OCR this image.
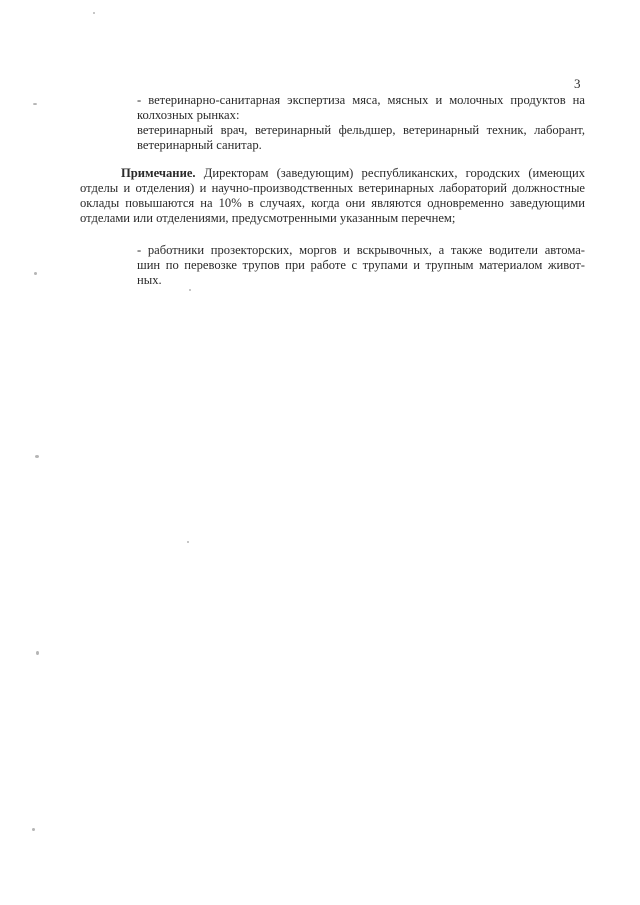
3
- ветеринарно-санитарная экспертиза мяса, мясных и молочных продуктов на
колхозных рынках:
ветеринарный врач, ветеринарный фельдшер, ветеринарный техник, лаборант,
ветеринарный санитар.
Примечание. Директорам (заведующим) республиканских, городских (имеющих
отделы и отделения) и научно-производственных ветеринарных лабораторий должностные
оклады повышаются на 10% в случаях, когда они являются одновременно заведующими
отделами или отделениями, предусмотренными указанным перечнем;
- работники прозекторских, моргов и вскрывочных, а также водители автома-
шин по перевозке трупов при работе с трупами и трупным материалом живот-
ных.
